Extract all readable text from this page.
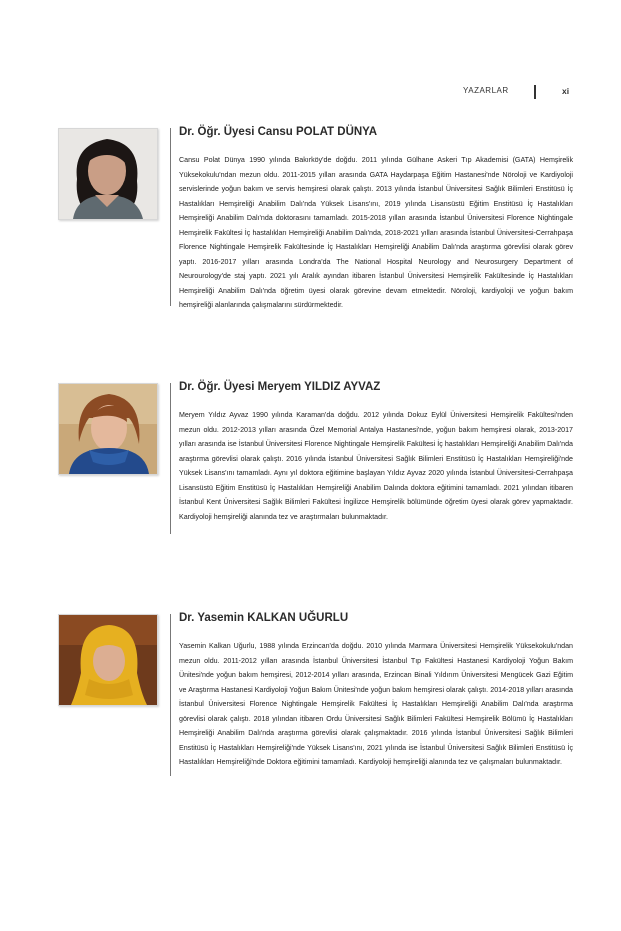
YAZARLAR	xi
Dr. Öğr. Üyesi Cansu POLAT DÜNYA

Cansu Polat Dünya 1990 yılında Bakırköy'de doğdu. 2011 yılında Gülhane Askeri Tıp Akademisi (GATA) Hemşirelik Yüksekokulu'ndan mezun oldu. 2011-2015 yılları arasında GATA Haydarpaşa Eğitim Hastanesi'nde Nöroloji ve Kardiyoloji servislerinde yoğun bakım ve servis hemşiresi olarak çalıştı. 2013 yılında İstanbul Üniversitesi Sağlık Bilimleri Enstitüsü İç Hastalıkları Hemşireliği Anabilim Dalı'nda Yüksek Lisans'ını, 2019 yılında Lisansüstü Eğitim Enstitüsü İç Hastalıkları Hemşireliği Anabilim Dalı'nda doktorasını tamamladı. 2015-2018 yılları arasında İstanbul Üniversitesi Florence Nightingale Hemşirelik Fakültesi İç hastalıkları Hemşireliği Anabilim Dalı'nda, 2018-2021 yılları arasında İstanbul Üniversitesi-Cerrahpaşa Florence Nightingale Hemşirelik Fakültesinde İç Hastalıkları Hemşireliği Anabilim Dalı'nda araştırma görevlisi olarak görev yaptı. 2016-2017 yılları arasında Londra'da The National Hospital Neurology and Neurosurgery Department of Neurourology'de staj yaptı. 2021 yılı Aralık ayından itibaren İstanbul Üniversitesi Hemşirelik Fakültesinde İç Hastalıkları Hemşireliği Anabilim Dalı'nda öğretim üyesi olarak görevine devam etmektedir. Nöroloji, kardiyoloji ve yoğun bakım hemşireliği alanlarında çalışmalarını sürdürmektedir.

Dr. Öğr. Üyesi Meryem YILDIZ AYVAZ

Meryem Yıldız Ayvaz 1990 yılında Karaman'da doğdu. 2012 yılında Dokuz Eylül Üniversitesi Hemşirelik Fakültesi'nden mezun oldu. 2012-2013 yılları arasında Özel Memorial Antalya Hastanesi'nde, yoğun bakım hemşiresi olarak, 2013-2017 yılları arasında ise İstanbul Üniversitesi Florence Nightingale Hemşirelik Fakültesi İç hastalıkları Hemşireliği Anabilim Dalı'nda araştırma görevlisi olarak çalıştı. 2016 yılında İstanbul Üniversitesi Sağlık Bilimleri Enstitüsü İç Hastalıkları Hemşireliği'nde Yüksek Lisans'ını tamamladı. Aynı yıl doktora eğitimine başlayan Yıldız Ayvaz 2020 yılında İstanbul Üniversitesi-Cerrahpaşa Lisansüstü Eğitim Enstitüsü İç Hastalıkları Hemşireliği Anabilim Dalında doktora eğitimini tamamladı. 2021 yılından itibaren İstanbul Kent Üniversitesi Sağlık Bilimleri Fakültesi İngilizce Hemşirelik bölümünde öğretim üyesi olarak görev yapmaktadır. Kardiyoloji hemşireliği alanında tez ve araştırmaları bulunmaktadır.

Dr. Yasemin KALKAN UĞURLU

Yasemin Kalkan Uğurlu, 1988 yılında Erzincan'da doğdu. 2010 yılında Marmara Üniversitesi Hemşirelik Yüksekokulu'ndan mezun oldu. 2011-2012 yılları arasında İstanbul Üniversitesi İstanbul Tıp Fakültesi Hastanesi Kardiyoloji Yoğun Bakım Ünitesi'nde yoğun bakım hemşiresi, 2012-2014 yılları arasında, Erzincan Binali Yıldırım Üniversitesi Mengücek Gazi Eğitim ve Araştırma Hastanesi Kardiyoloji Yoğun Bakım Ünitesi'nde yoğun bakım hemşiresi olarak çalıştı. 2014-2018 yılları arasında İstanbul Üniversitesi Florence Nightingale Hemşirelik Fakültesi İç Hastalıkları Hemşireliği Anabilim Dalı'nda araştırma görevlisi olarak çalıştı. 2018 yılından itibaren Ordu Üniversitesi Sağlık Bilimleri Fakültesi Hemşirelik Bölümü İç Hastalıkları Hemşireliği Anabilim Dalı'nda araştırma görevlisi olarak çalışmaktadır. 2016 yılında İstanbul Üniversitesi Sağlık Bilimleri Enstitüsü İç Hastalıkları Hemşireliği'nde Yüksek Lisans'ını, 2021 yılında ise İstanbul Üniversitesi Sağlık Bilimleri Enstitüsü İç Hastalıkları Hemşireliği'nde Doktora eğitimini tamamladı. Kardiyoloji hemşireliği alanında tez ve çalışmaları bulunmaktadır.
